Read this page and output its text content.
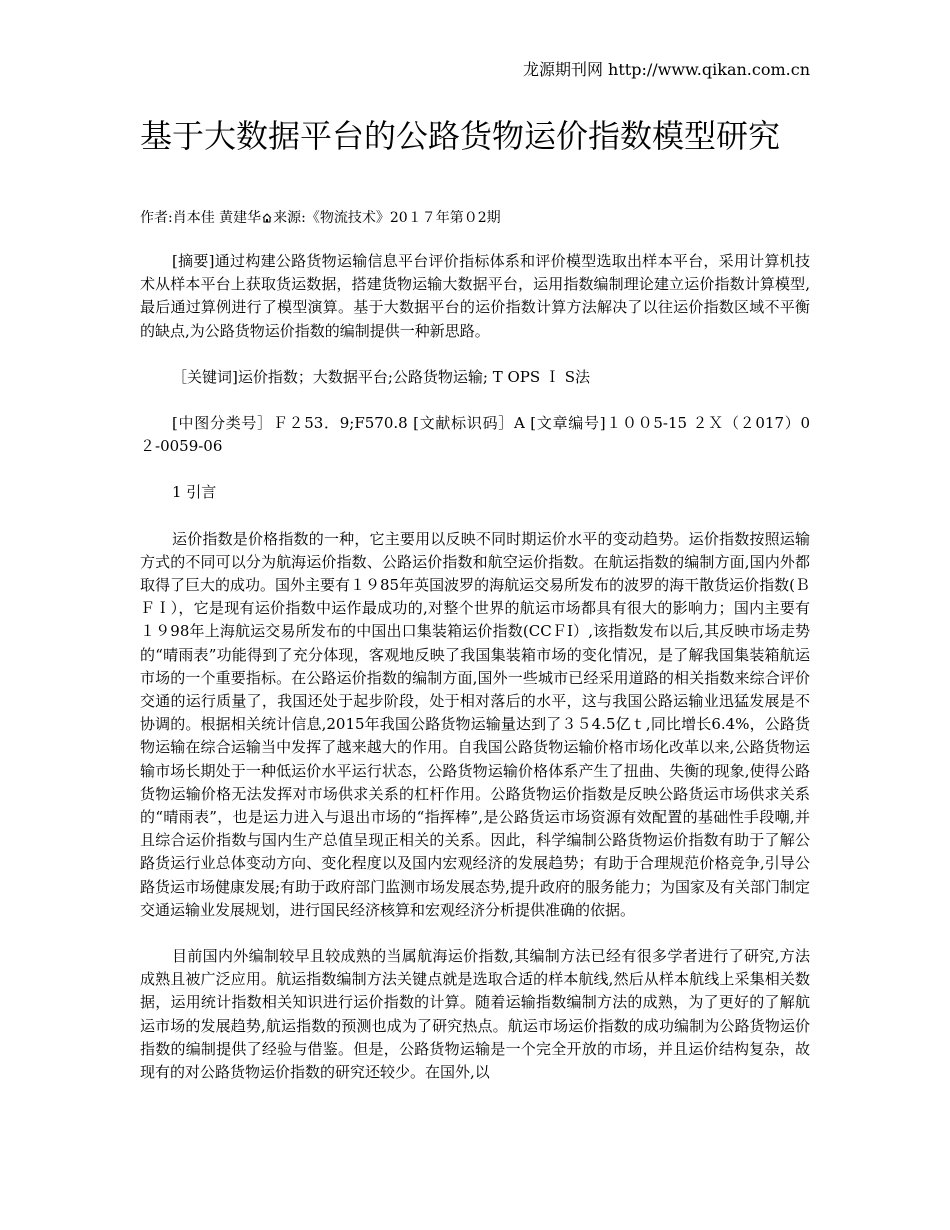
龙源期刊网 http://www.qikan.com.cn
基于大数据平台的公路货物运价指数模型研究
作者:肖本佳 黄建华 来源:《物流技术》20１７年第０2期

[摘要]通过构建公路货物运输信息平台评价指标体系和评价模型选取出样本平台，采用计算机技术从样本平台上获取货运数据，搭建货物运输大数据平台，运用指数编制理论建立运价指数计算模型,最后通过算例进行了模型演算。基于大数据平台的运价指数计算方法解决了以往运价指数区域不平衡的缺点,为公路货物运价指数的编制提供一种新思路。

［关键词]运价指数；大数据平台;公路货物运输; T OPS Ｉ S法

[中图分类号］Ｆ２53．9;F570.8 [文献标识码］A [文章编号]１００5-15 ２Ｘ（２017）0２-0059-06

1 引言

运价指数是价格指数的一种，它主要用以反映不同时期运价水平的变动趋势。运价指数按照运输方式的不同可以分为航海运价指数、公路运价指数和航空运价指数。在航运指数的编制方面,国内外都取得了巨大的成功。国外主要有１９85年英国波罗的海航运交易所发布的波罗的海干散货运价指数(ＢＦＩ），它是现有运价指数中运作最成功的,对整个世界的航运市场都具有很大的影响力；国内主要有１９98年上海航运交易所发布的中国出口集装箱运价指数(CCＦI）,该指数发布以后,其反映市场走势的“晴雨表”功能得到了充分体现，客观地反映了我国集装箱市场的变化情况，是了解我国集装箱航运市场的一个重要指标。在公路运价指数的编制方面,国外一些城市已经采用道路的相关指数来综合评价交通的运行质量了，我国还处于起步阶段，处于相对落后的水平，这与我国公路运输业迅猛发展是不协调的。根据相关统计信息,2015年我国公路货物运输量达到了３５4.5亿ｔ,同比增长6.4%，公路货物运输在综合运输当中发挥了越来越大的作用。自我国公路货物运输价格市场化改革以来,公路货物运输市场长期处于一种低运价水平运行状态，公路货物运输价格体系产生了扭曲、失衡的现象,使得公路货物运输价格无法发挥对市场供求关系的杠杆作用。公路货物运价指数是反映公路货运市场供求关系的“晴雨表”，也是运力进入与退出市场的“指挥棒”,是公路货运市场资源有效配置的基础性手段嘲,并且综合运价指数与国内生产总值呈现正相关的关系。因此，科学编制公路货物运价指数有助于了解公路货运行业总体变动方向、变化程度以及国内宏观经济的发展趋势；有助于合理规范价格竞争,引导公路货运市场健康发展;有助于政府部门监测市场发展态势,提升政府的服务能力；为国家及有关部门制定交通运输业发展规划，进行国民经济核算和宏观经济分析提供准确的依据。

目前国内外编制较早且较成熟的当属航海运价指数,其编制方法已经有很多学者进行了研究,方法成熟且被广泛应用。航运指数编制方法关键点就是选取合适的样本航线,然后从样本航线上采集相关数据，运用统计指数相关知识进行运价指数的计算。随着运输指数编制方法的成熟，为了更好的了解航运市场的发展趋势,航运指数的预测也成为了研究热点。航运市场运价指数的成功编制为公路货物运价指数的编制提供了经验与借鉴。但是，公路货物运输是一个完全开放的市场，并且运价结构复杂，故现有的对公路货物运价指数的研究还较少。在国外,以
